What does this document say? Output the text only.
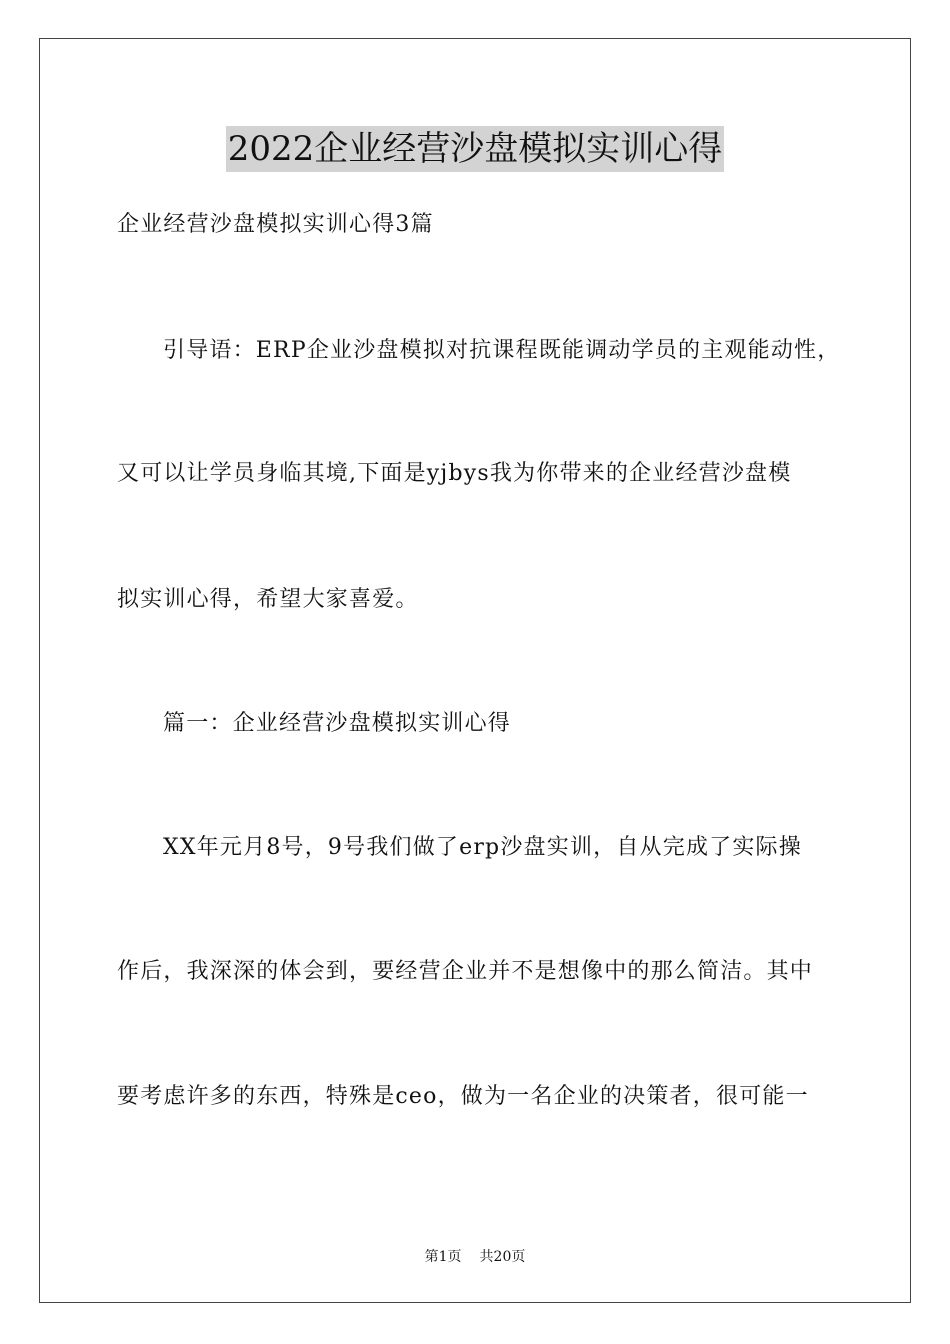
2022企业经营沙盘模拟实训心得
企业经营沙盘模拟实训心得3篇
引导语：ERP企业沙盘模拟对抗课程既能调动学员的主观能动性，
又可以让学员身临其境,下面是yjbys我为你带来的企业经营沙盘模
拟实训心得，希望大家喜爱。
篇一：企业经营沙盘模拟实训心得
XX年元月8号，9号我们做了erp沙盘实训，自从完成了实际操
作后，我深深的体会到，要经营企业并不是想像中的那么简洁。其中
要考虑许多的东西，特殊是ceo，做为一名企业的决策者，很可能一
第1页 共20页
